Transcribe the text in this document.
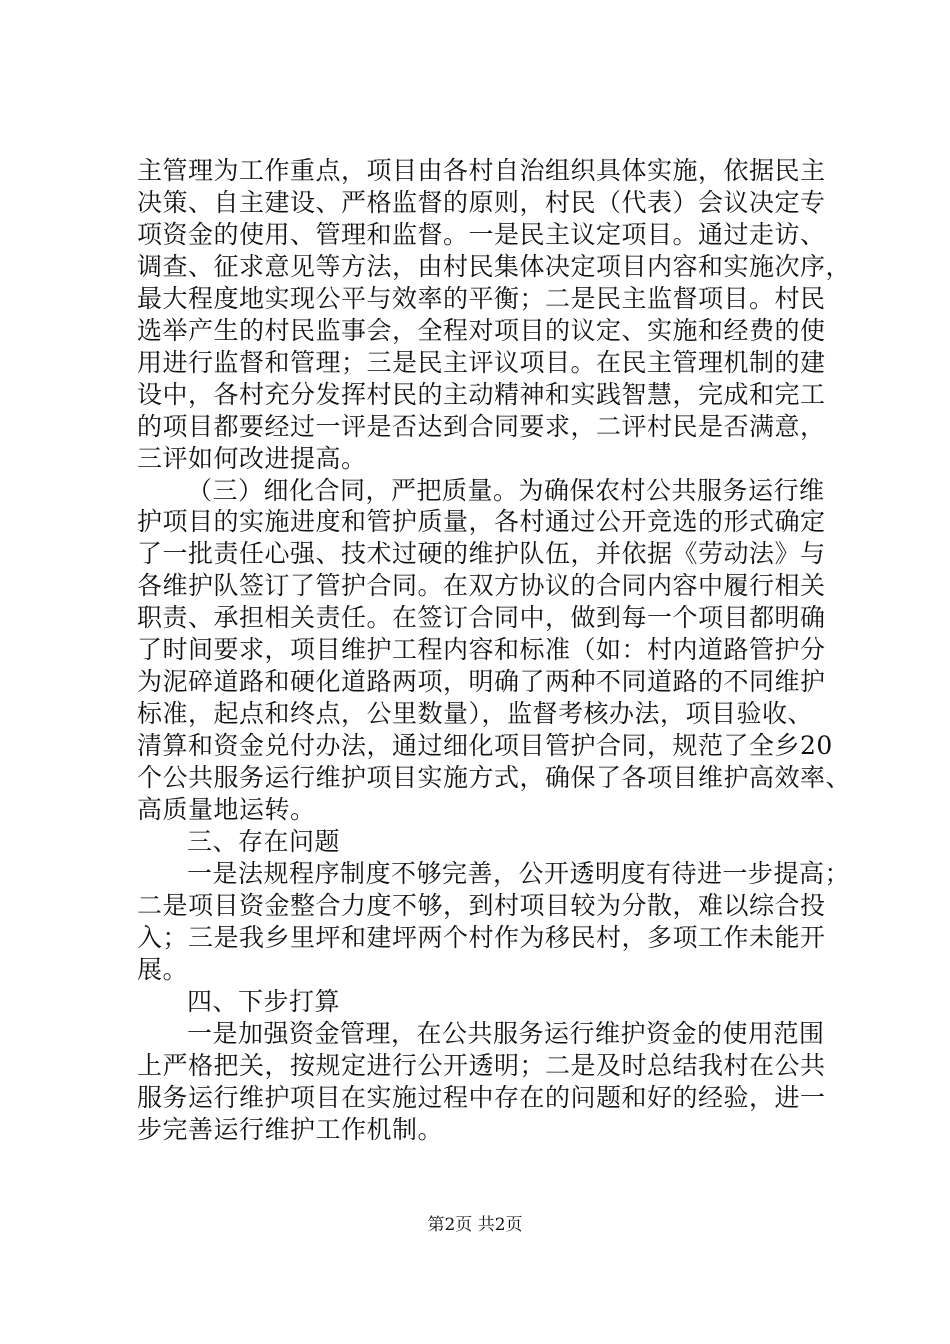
主管理为工作重点，项目由各村自治组织具体实施，依据民主
决策、自主建设、严格监督的原则，村民（代表）会议决定专
项资金的使用、管理和监督。一是民主议定项目。通过走访、
调查、征求意见等方法，由村民集体决定项目内容和实施次序，
最大程度地实现公平与效率的平衡；二是民主监督项目。村民
选举产生的村民监事会，全程对项目的议定、实施和经费的使
用进行监督和管理；三是民主评议项目。在民主管理机制的建
设中，各村充分发挥村民的主动精神和实践智慧，完成和完工
的项目都要经过一评是否达到合同要求，二评村民是否满意，
三评如何改进提高。
（三）细化合同，严把质量。为确保农村公共服务运行维
护项目的实施进度和管护质量，各村通过公开竞选的形式确定
了一批责任心强、技术过硬的维护队伍，并依据《劳动法》与
各维护队签订了管护合同。在双方协议的合同内容中履行相关
职责、承担相关责任。在签订合同中，做到每一个项目都明确
了时间要求，项目维护工程内容和标准（如：村内道路管护分
为泥碎道路和硬化道路两项，明确了两种不同道路的不同维护
标准，起点和终点，公里数量），监督考核办法，项目验收、
清算和资金兑付办法，通过细化项目管护合同，规范了全乡20
个公共服务运行维护项目实施方式，确保了各项目维护高效率、
高质量地运转。
三、存在问题
一是法规程序制度不够完善，公开透明度有待进一步提高；
二是项目资金整合力度不够，到村项目较为分散，难以综合投
入；三是我乡里坪和建坪两个村作为移民村，多项工作未能开
展。
四、下步打算
一是加强资金管理，在公共服务运行维护资金的使用范围
上严格把关，按规定进行公开透明；二是及时总结我村在公共
服务运行维护项目在实施过程中存在的问题和好的经验，进一
步完善运行维护工作机制。
第2页 共2页
